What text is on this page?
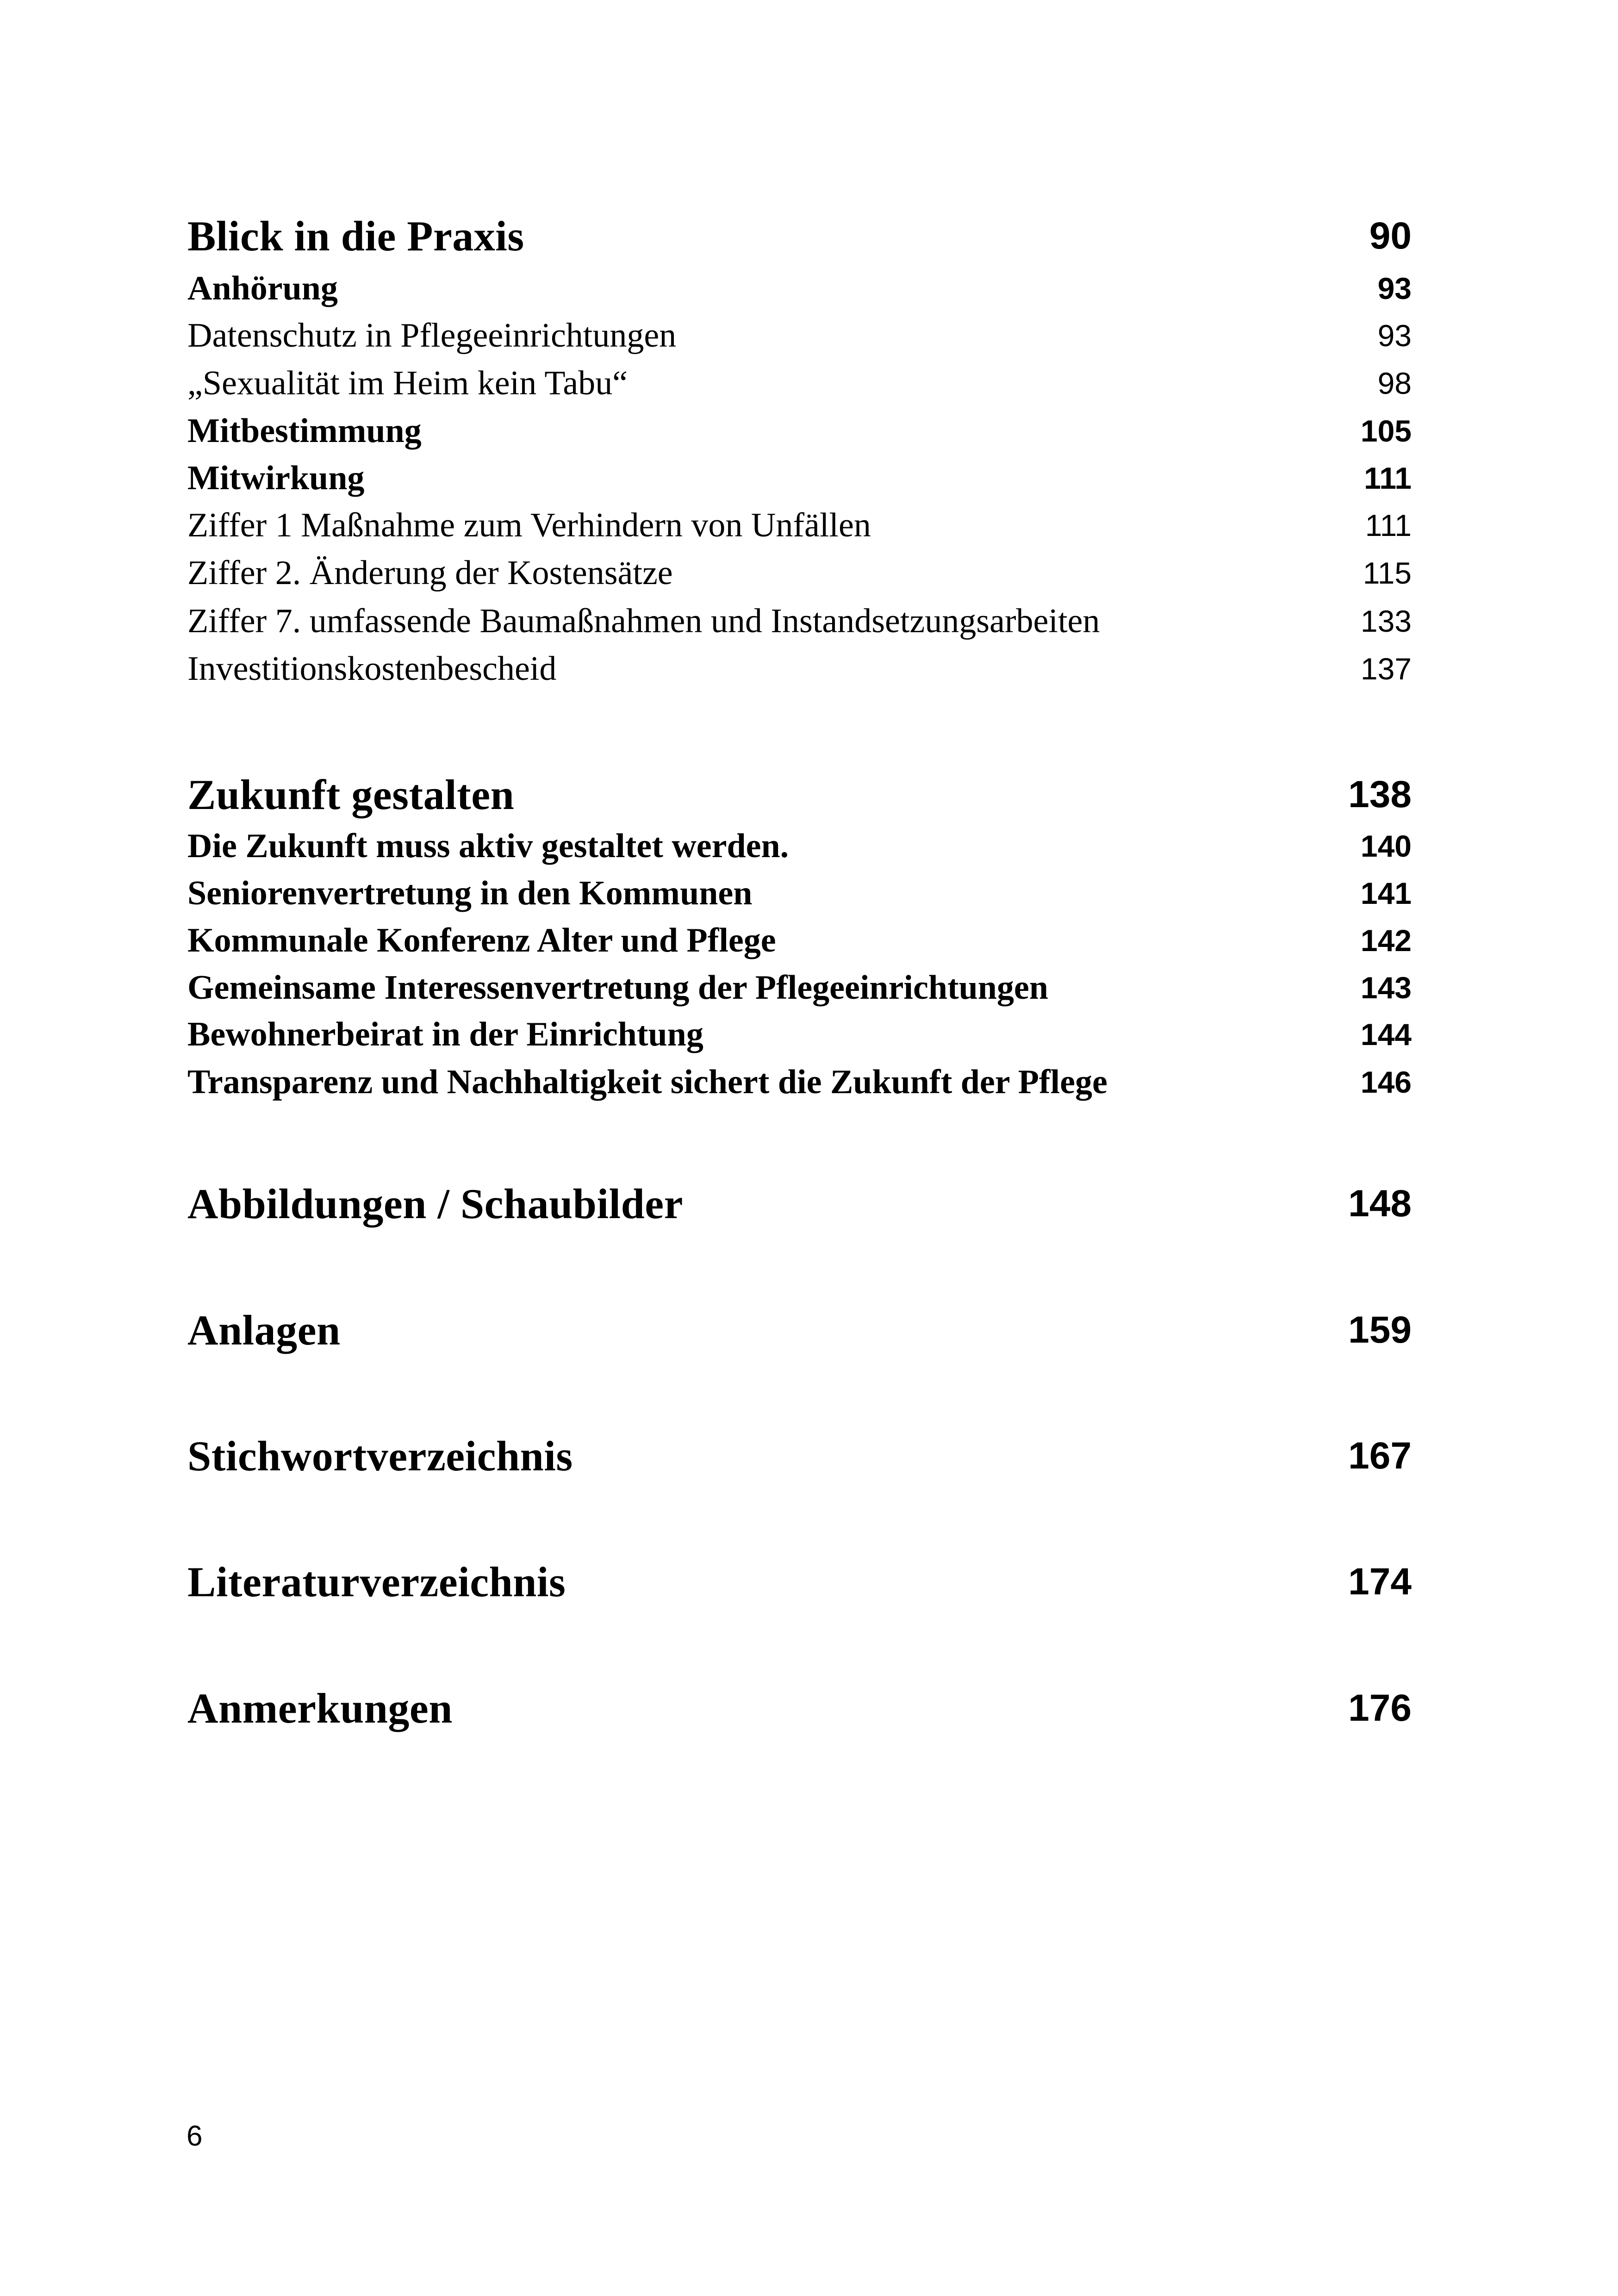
Blick in die Praxis	90
Anhörung	93
Datenschutz in Pflegeeinrichtungen	93
„Sexualität im Heim kein Tabu“	98
Mitbestimmung	105
Mitwirkung	111
Ziffer 1 Maßnahme zum Verhindern von Unfällen	111
Ziffer 2. Änderung der Kostensätze	115
Ziffer 7. umfassende Baumaßnahmen und Instandsetzungsarbeiten	133
Investitionskostenbescheid	137
Zukunft gestalten	138
Die Zukunft muss aktiv gestaltet werden.	140
Seniorenvertretung in den Kommunen	141
Kommunale Konferenz Alter und Pflege	142
Gemeinsame Interessenvertretung der Pflegeeinrichtungen	143
Bewohnerbeirat in der Einrichtung	144
Transparenz und Nachhaltigkeit sichert die Zukunft der Pflege	146
Abbildungen / Schaubilder	148
Anlagen	159
Stichwortverzeichnis	167
Literaturverzeichnis	174
Anmerkungen	176
6
